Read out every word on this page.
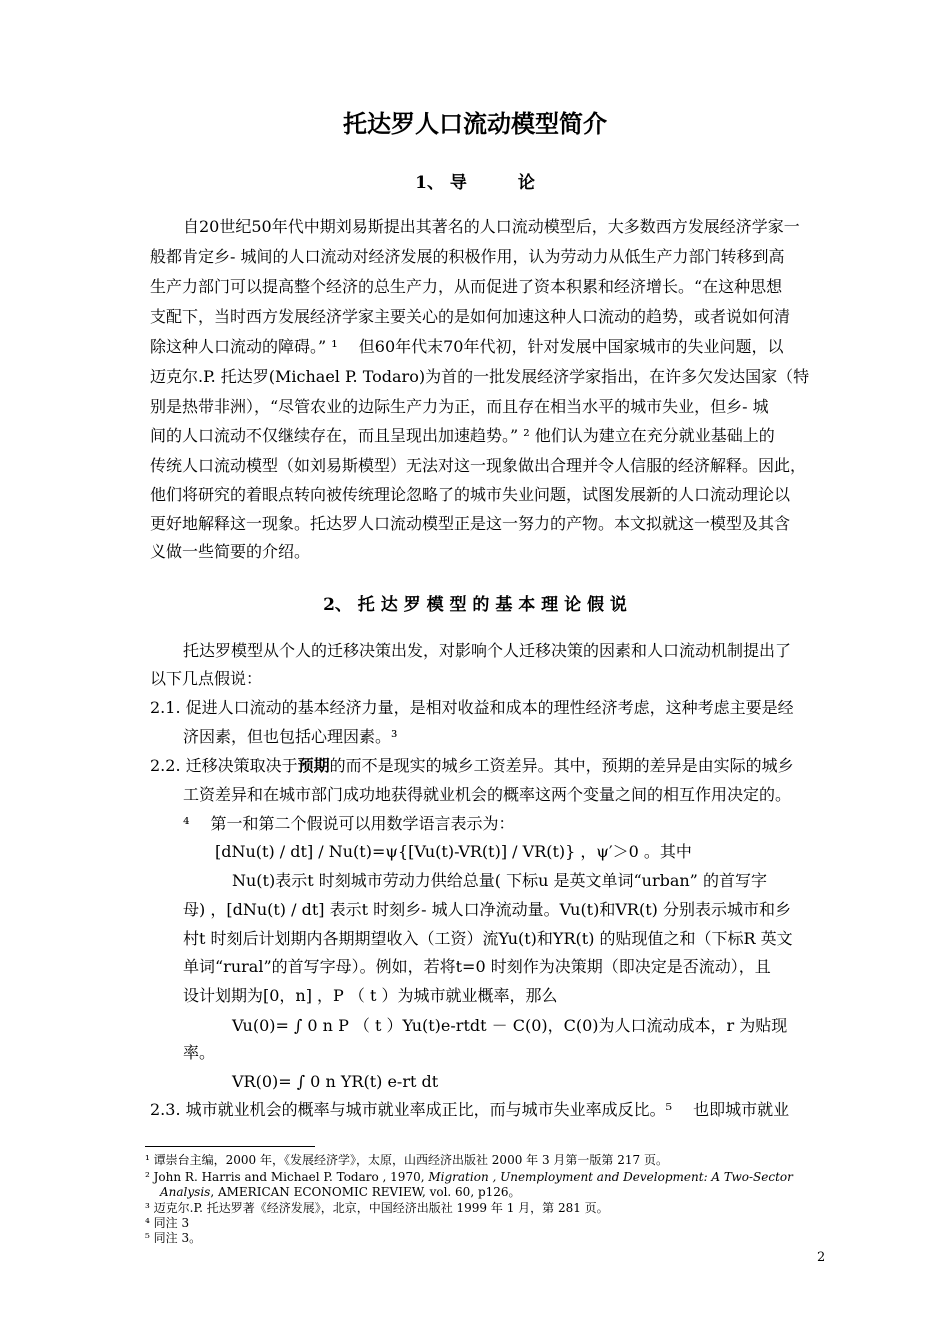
托达罗人口流动模型简介
1、 导　　　论
自20世纪50年代中期刘易斯提出其著名的人口流动模型后，大多数西方发展经济学家一
般都肯定乡- 城间的人口流动对经济发展的积极作用，认为劳动力从低生产力部门转移到高
生产力部门可以提高整个经济的总生产力，从而促进了资本积累和经济增长。“在这种思想
支配下，当时西方发展经济学家主要关心的是如何加速这种人口流动的趋势，或者说如何清
除这种人口流动的障碍。” ¹　 但60年代末70年代初，针对发展中国家城市的失业问题，以
迈克尔.P. 托达罗(Michael P. Todaro)为首的一批发展经济学家指出，在许多欠发达国家（特
别是热带非洲），“尽管农业的边际生产力为正，而且存在相当水平的城市失业，但乡- 城
间的人口流动不仅继续存在，而且呈现出加速趋势。” ² 他们认为建立在充分就业基础上的
传统人口流动模型（如刘易斯模型）无法对这一现象做出合理并令人信服的经济解释。因此，
他们将研究的着眼点转向被传统理论忽略了的城市失业问题，试图发展新的人口流动理论以
更好地解释这一现象。托达罗人口流动模型正是这一努力的产物。本文拟就这一模型及其含
义做一些简要的介绍。
2、 托 达 罗 模 型 的 基 本 理 论 假 说
托达罗模型从个人的迁移决策出发，对影响个人迁移决策的因素和人口流动机制提出了
以下几点假说：
2.1. 促进人口流动的基本经济力量，是相对收益和成本的理性经济考虑，这种考虑主要是经
济因素，但也包括心理因素。³
2.2. 迁移决策取决于预期的而不是现实的城乡工资差异。其中，预期的差异是由实际的城乡
工资差异和在城市部门成功地获得就业机会的概率这两个变量之间的相互作用决定的。
⁴　 第一和第二个假说可以用数学语言表示为：
[dNu(t) / dt] / Nu(t)=ψ{[Vu(t)-VR(t)] / VR(t)} ，ψ′＞0 。其中
Nu(t)表示t 时刻城市劳动力供给总量( 下标u 是英文单词“urban” 的首写字
母) ，[dNu(t) / dt] 表示t 时刻乡- 城人口净流动量。Vu(t)和VR(t) 分别表示城市和乡
村t 时刻后计划期内各期期望收入（工资）流Yu(t)和YR(t) 的贴现值之和（下标R 英文
单词“rural”的首写字母）。例如，若将t=0 时刻作为决策期（即决定是否流动），且
设计划期为[0，n] ，P （ t ）为城市就业概率，那么
Vu(0)= ∫ 0 n P （ t ）Yu(t)e-rtdt － C(0)，C(0)为人口流动成本，r 为贴现
率。
VR(0)= ∫ 0 n YR(t) e-rt dt
2.3. 城市就业机会的概率与城市就业率成正比，而与城市失业率成反比。⁵　 也即城市就业
¹ 谭崇台主编，2000 年，《发展经济学》，太原，山西经济出版社 2000 年 3 月第一版第 217 页。
² John R. Harris and Michael P. Todaro , 1970, Migration , Unemployment and Development: A Two-Sector
Analysis, AMERICAN ECONOMIC REVIEW, vol. 60, p126。
³ 迈克尔.P. 托达罗著《经济发展》，北京，中国经济出版社 1999 年 1 月，第 281 页。
⁴ 同注 3
⁵ 同注 3。
2
